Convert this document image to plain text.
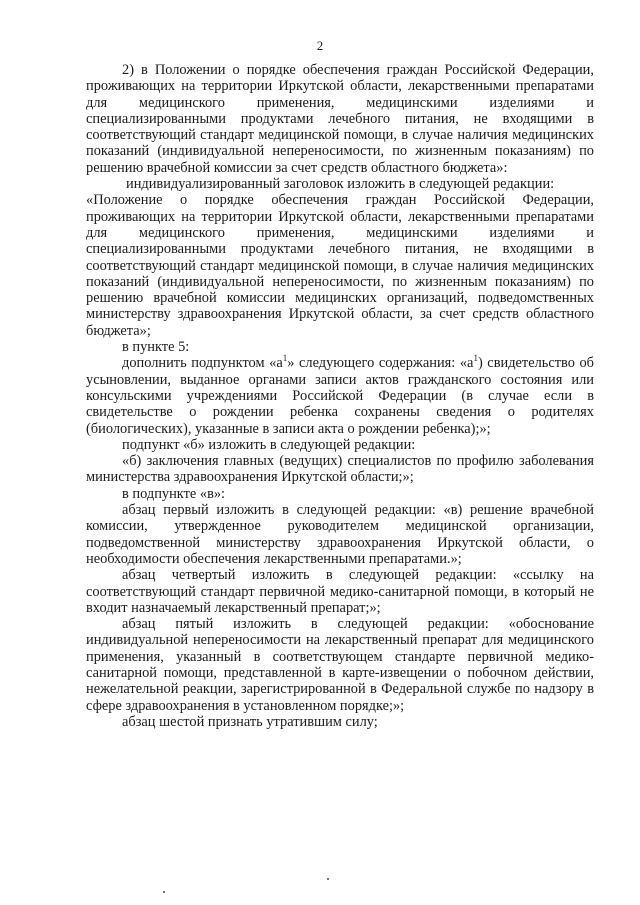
2

2) в Положении о порядке обеспечения граждан Российской Федерации, проживающих на территории Иркутской области, лекарственными препаратами для медицинского применения, медицинскими изделиями и специализированными продуктами лечебного питания, не входящими в соответствующий стандарт медицинской помощи, в случае наличия медицинских показаний (индивидуальной непереносимости, по жизненным показаниям) по решению врачебной комиссии за счет средств областного бюджета»:

индивидуализированный заголовок изложить в следующей редакции:

«Положение о порядке обеспечения граждан Российской Федерации, проживающих на территории Иркутской области, лекарственными препаратами для медицинского применения, медицинскими изделиями и специализированными продуктами лечебного питания, не входящими в соответствующий стандарт медицинской помощи, в случае наличия медицинских показаний (индивидуальной непереносимости, по жизненным показаниям) по решению врачебной комиссии медицинских организаций, подведомственных министерству здравоохранения Иркутской области, за счет средств областного бюджета»;

в пункте 5:

дополнить подпунктом «$а^1$» следующего содержания: «$а^1$) свидетельство об усыновлении, выданное органами записи актов гражданского состояния или консульскими учреждениями Российской Федерации (в случае если в свидетельстве о рождении ребенка сохранены сведения о родителях (биологических), указанные в записи акта о рождении ребенка);»;

подпункт «б» изложить в следующей редакции:

«б) заключения главных (ведущих) специалистов по профилю заболевания министерства здравоохранения Иркутской области;»;

в подпункте «в»:

абзац первый изложить в следующей редакции: «в) решение врачебной комиссии, утвержденное руководителем медицинской организации, подведомственной министерству здравоохранения Иркутской области, о необходимости обеспечения лекарственными препаратами.»;

абзац четвертый изложить в следующей редакции: «ссылку на соответствующий стандарт первичной медико-санитарной помощи, в который не входит назначаемый лекарственный препарат;»;

абзац пятый изложить в следующей редакции: «обоснование индивидуальной непереносимости на лекарственный препарат для медицинского применения, указанный в соответствующем стандарте первичной медико-санитарной помощи, представленной в карте-извещении о побочном действии, нежелательной реакции, зарегистрированной в Федеральной службе по надзору в сфере здравоохранения в установленном порядке;»;

абзац шестой признать утратившим силу;
